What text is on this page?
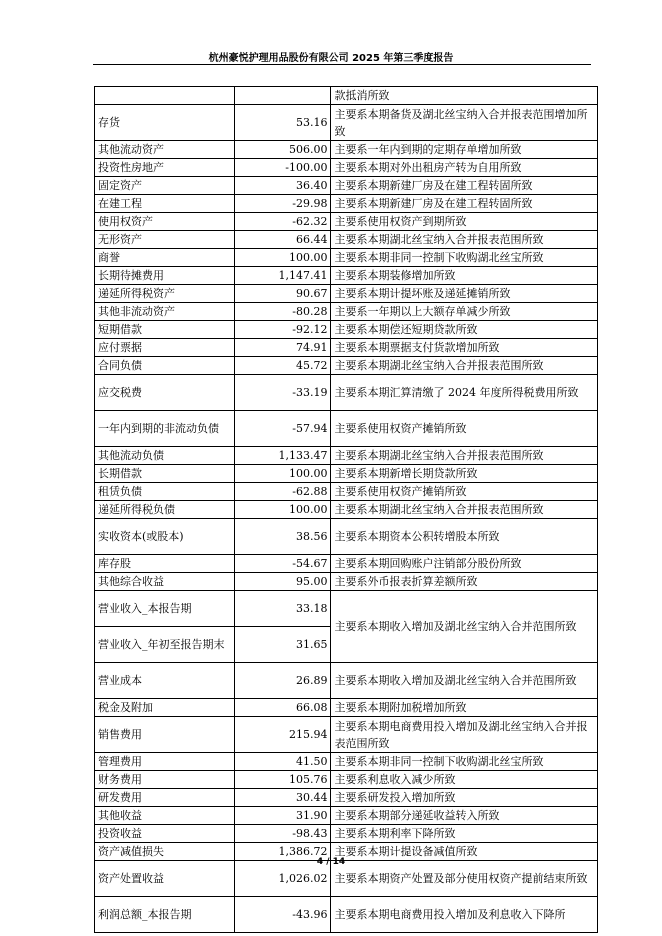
杭州豪悦护理用品股份有限公司 2025 年第三季度报告
		款抵消所致

存货	53.16	主要系本期备货及湖北丝宝纳入合并报表范围增加所致

其他流动资产	506.00	主要系一年内到期的定期存单增加所致

投资性房地产	-100.00	主要系本期对外出租房产转为自用所致

固定资产	36.40	主要系本期新建厂房及在建工程转固所致

在建工程	-29.98	主要系本期新建厂房及在建工程转固所致

使用权资产	-62.32	主要系使用权资产到期所致

无形资产	66.44	主要系本期湖北丝宝纳入合并报表范围所致

商誉	100.00	主要系本期非同一控制下收购湖北丝宝所致

长期待摊费用	1,147.41	主要系本期装修增加所致

递延所得税资产	90.67	主要系本期计提坏账及递延摊销所致

其他非流动资产	-80.28	主要系一年期以上大额存单减少所致

短期借款	-92.12	主要系本期偿还短期贷款所致

应付票据	74.91	主要系本期票据支付货款增加所致

合同负债	45.72	主要系本期湖北丝宝纳入合并报表范围所致

应交税费	-33.19	主要系本期汇算清缴了 2024 年度所得税费用所致

一年内到期的非流动负债	-57.94	主要系使用权资产摊销所致

其他流动负债	1,133.47	主要系本期湖北丝宝纳入合并报表范围所致

长期借款	100.00	主要系本期新增长期贷款所致

租赁负债	-62.88	主要系使用权资产摊销所致

递延所得税负债	100.00	主要系本期湖北丝宝纳入合并报表范围所致

实收资本(或股本)	38.56	主要系本期资本公积转增股本所致

库存股	-54.67	主要系本期回购账户注销部分股份所致

其他综合收益	95.00	主要系外币报表折算差额所致

营业收入_本报告期	33.18	主要系本期收入增加及湖北丝宝纳入合并范围所致

营业收入_年初至报告期末	31.65	

营业成本	26.89	主要系本期收入增加及湖北丝宝纳入合并范围所致

税金及附加	66.08	主要系本期附加税增加所致

销售费用	215.94	主要系本期电商费用投入增加及湖北丝宝纳入合并报表范围所致

管理费用	41.50	主要系本期非同一控制下收购湖北丝宝所致

财务费用	105.76	主要系利息收入减少所致

研发费用	30.44	主要系研发投入增加所致

其他收益	31.90	主要系本期部分递延收益转入所致

投资收益	-98.43	主要系本期利率下降所致

资产减值损失	1,386.72	主要系本期计提设备减值所致

资产处置收益	1,026.02	主要系本期资产处置及部分使用权资产提前结束所致

利润总额_本报告期	-43.96	主要系本期电商费用投入增加及利息收入下降所
4 / 14
